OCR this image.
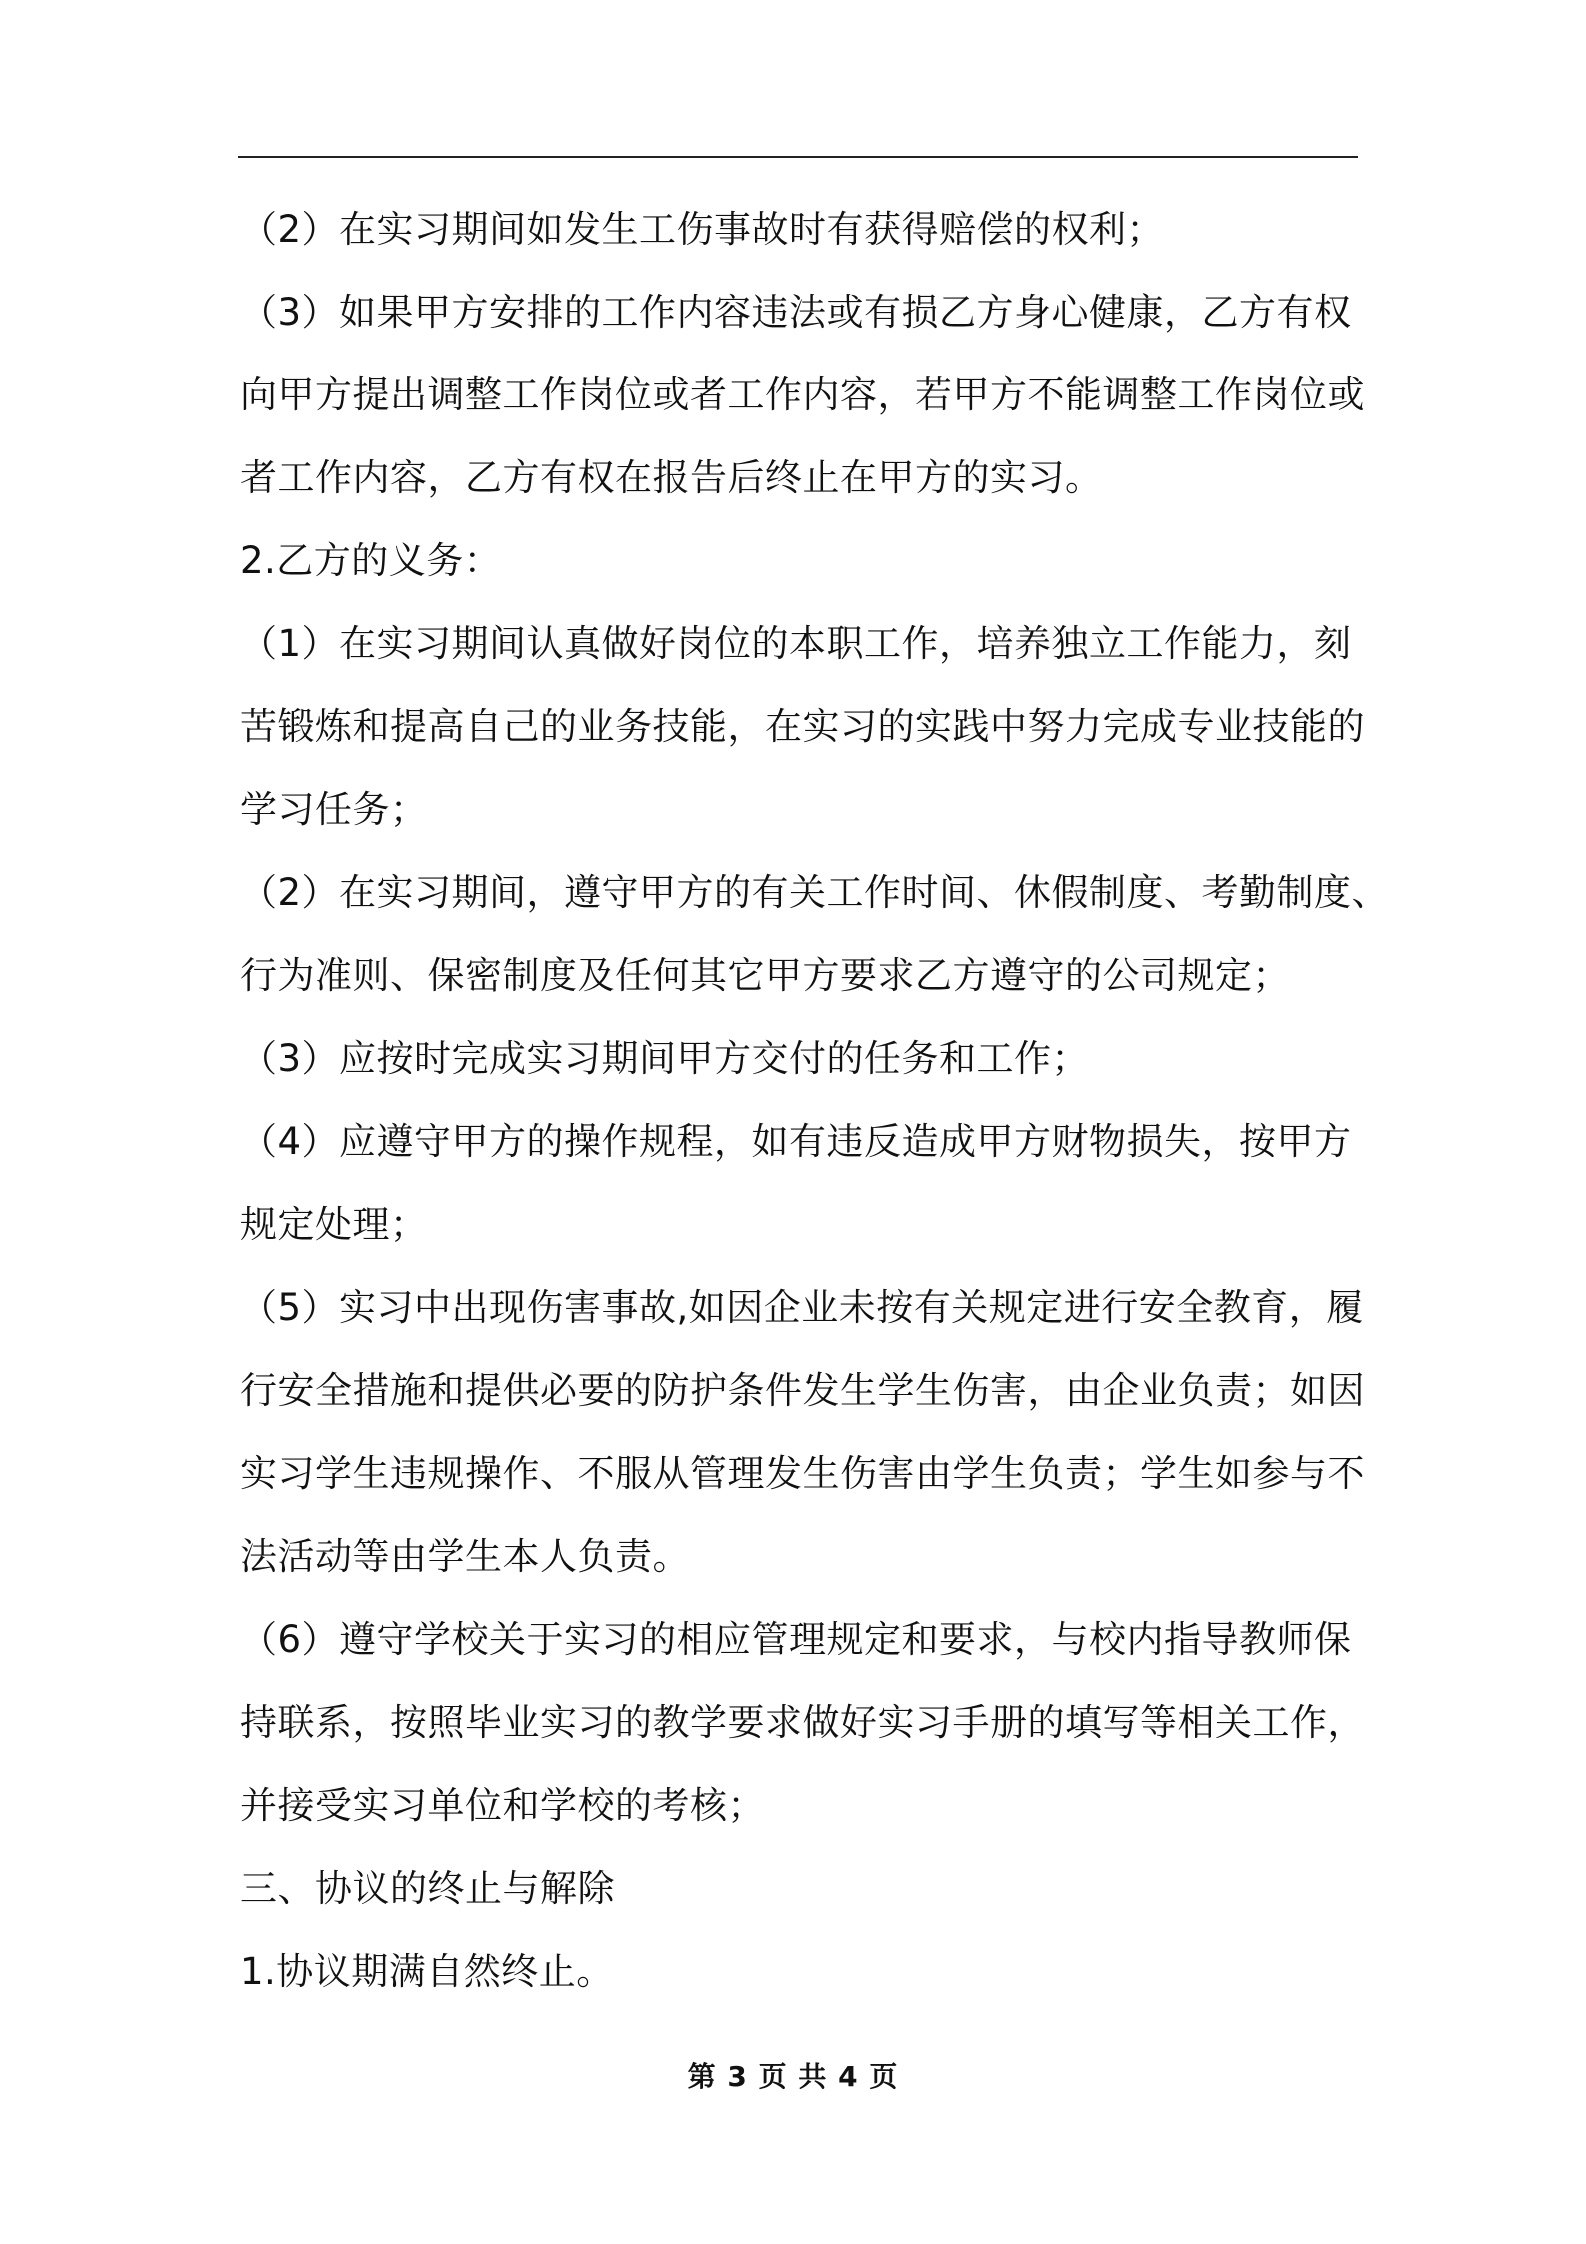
（2）在实习期间如发生工伤事故时有获得赔偿的权利；
（3）如果甲方安排的工作内容违法或有损乙方身心健康，乙方有权
向甲方提出调整工作岗位或者工作内容，若甲方不能调整工作岗位或
者工作内容，乙方有权在报告后终止在甲方的实习。
2.乙方的义务：
（1）在实习期间认真做好岗位的本职工作，培养独立工作能力，刻
苦锻炼和提高自己的业务技能，在实习的实践中努力完成专业技能的
学习任务；
（2）在实习期间，遵守甲方的有关工作时间、休假制度、考勤制度、
行为准则、保密制度及任何其它甲方要求乙方遵守的公司规定；
（3）应按时完成实习期间甲方交付的任务和工作；
（4）应遵守甲方的操作规程，如有违反造成甲方财物损失，按甲方
规定处理；
（5）实习中出现伤害事故,如因企业未按有关规定进行安全教育，履
行安全措施和提供必要的防护条件发生学生伤害，由企业负责；如因
实习学生违规操作、不服从管理发生伤害由学生负责；学生如参与不
法活动等由学生本人负责。
（6）遵守学校关于实习的相应管理规定和要求，与校内指导教师保
持联系，按照毕业实习的教学要求做好实习手册的填写等相关工作，
并接受实习单位和学校的考核；
三、协议的终止与解除
1.协议期满自然终止。
第 3 页 共 4 页
